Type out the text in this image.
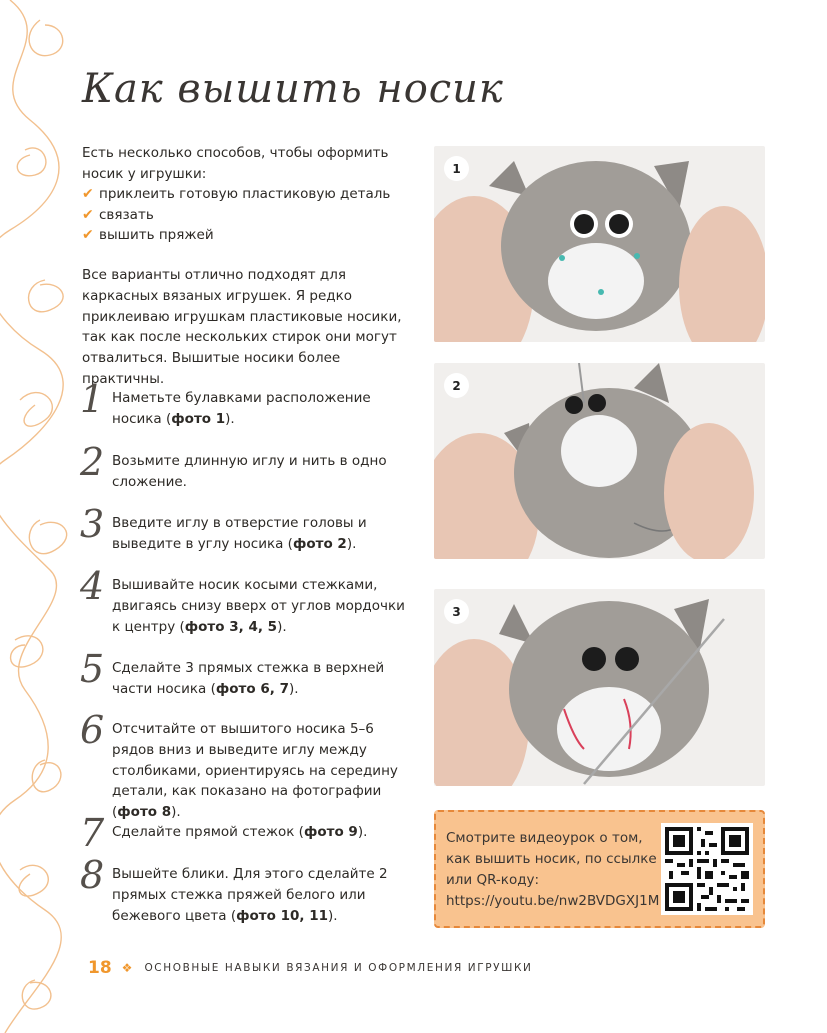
Как вышить носик

Есть несколько способов, чтобы оформить носик у игрушки:

✔ приклеить готовую пластиковую деталь
✔ связать
✔ вышить пряжей

Все варианты отлично подходят для каркасных вязаных игрушек. Я редко приклеиваю игрушкам пластиковые носики, так как после нескольких стирок они могут отвалиться. Вышитые носики более практичны.

1 Наметьте булавками расположение носика (фото 1).

2 Возьмите длинную иглу и нить в одно сложение.

3 Введите иглу в отверстие головы и выведите в углу носика (фото 2).

4 Вышивайте носик косыми стежками, двигаясь снизу вверх от углов мордочки к центру (фото 3, 4, 5).

5 Сделайте 3 прямых стежка в верхней части носика (фото 6, 7).

6 Отсчитайте от вышитого носика 5–6 рядов вниз и выведите иглу между столбиками, ориентируясь на середину детали, как показано на фотографии (фото 8).

7 Сделайте прямой стежок (фото 9).

8 Вышейте блики. Для этого сделайте 2 прямых стежка пряжей белого или бежевого цвета (фото 10, 11).

1
2
3

Смотрите видеоурок о том, как вышить носик, по ссылке или QR-коду: https://youtu.be/nw2BVDGXJ1M

18 ❖ ОСНОВНЫЕ НАВЫКИ ВЯЗАНИЯ И ОФОРМЛЕНИЯ ИГРУШКИ
